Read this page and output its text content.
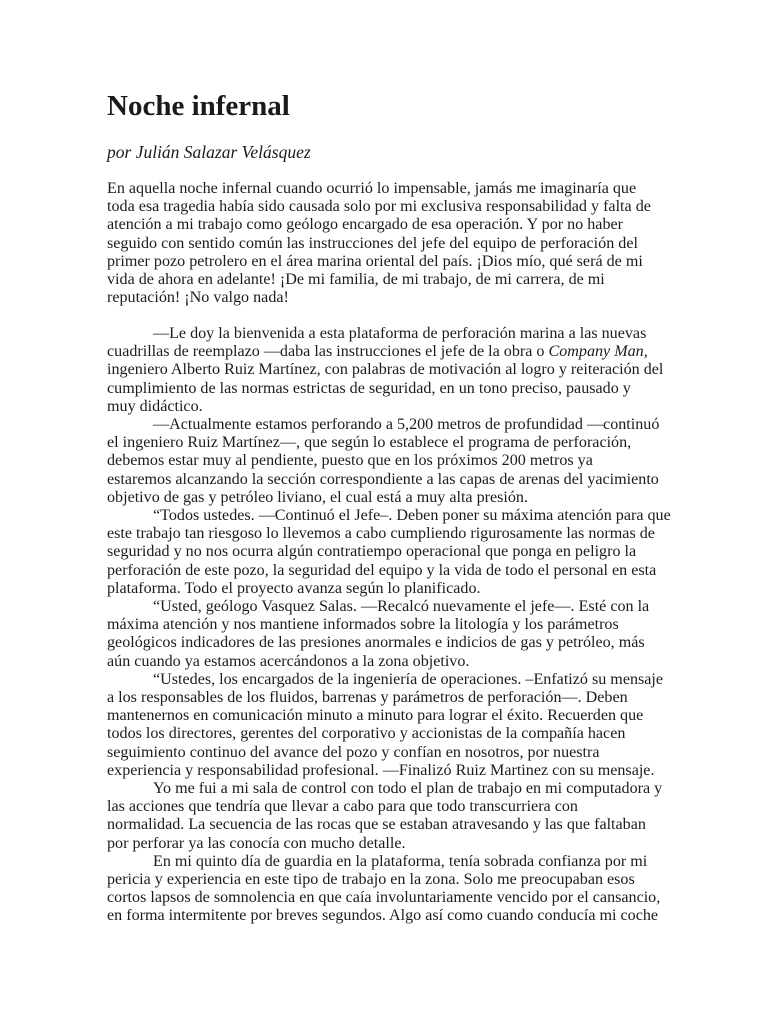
Noche infernal

por Julián Salazar Velásquez

En aquella noche infernal cuando ocurrió lo impensable, jamás me imaginaría que

toda esa tragedia había sido causada solo por mi exclusiva responsabilidad y falta de

atención a mi trabajo como geólogo encargado de esa operación. Y por no haber

seguido con sentido común las instrucciones del jefe del equipo de perforación del

primer pozo petrolero en el área marina oriental del país. ¡Dios mío, qué será de mi

vida de ahora en adelante! ¡De mi familia, de mi trabajo, de mi carrera, de mi

reputación! ¡No valgo nada!

—Le doy la bienvenida a esta plataforma de perforación marina a las nuevas

cuadrillas de reemplazo —daba las instrucciones el jefe de la obra o Company Man,

ingeniero Alberto Ruiz Martínez, con palabras de motivación al logro y reiteración del

cumplimiento de las normas estrictas de seguridad, en un tono preciso, pausado y

muy didáctico.

—Actualmente estamos perforando a 5,200 metros de profundidad —continuó

el ingeniero Ruiz Martínez—, que según lo establece el programa de perforación,

debemos estar muy al pendiente, puesto que en los próximos 200 metros ya

estaremos alcanzando la sección correspondiente a las capas de arenas del yacimiento

objetivo de gas y petróleo liviano, el cual está a muy alta presión.

“Todos ustedes. —Continuó el Jefe–. Deben poner su máxima atención para que

este trabajo tan riesgoso lo llevemos a cabo cumpliendo rigurosamente las normas de

seguridad y no nos ocurra algún contratiempo operacional que ponga en peligro la

perforación de este pozo, la seguridad del equipo y la vida de todo el personal en esta

plataforma. Todo el proyecto avanza según lo planificado.

“Usted, geólogo Vasquez Salas. —Recalcó nuevamente el jefe—. Esté con la

máxima atención y nos mantiene informados sobre la litología y los parámetros

geológicos indicadores de las presiones anormales e indicios de gas y petróleo, más

aún cuando ya estamos acercándonos a la zona objetivo.

“Ustedes, los encargados de la ingeniería de operaciones. –Enfatizó su mensaje

a los responsables de los fluidos, barrenas y parámetros de perforación—. Deben

mantenernos en comunicación minuto a minuto para lograr el éxito. Recuerden que

todos los directores, gerentes del corporativo y accionistas de la compañía hacen

seguimiento continuo del avance del pozo y confían en nosotros, por nuestra

experiencia y responsabilidad profesional. —Finalizó Ruiz Martinez con su mensaje.

Yo me fui a mi sala de control con todo el plan de trabajo en mi computadora y

las acciones que tendría que llevar a cabo para que todo transcurriera con

normalidad. La secuencia de las rocas que se estaban atravesando y las que faltaban

por perforar ya las conocía con mucho detalle.

En mi quinto día de guardia en la plataforma, tenía sobrada confianza por mi

pericia y experiencia en este tipo de trabajo en la zona. Solo me preocupaban esos

cortos lapsos de somnolencia en que caía involuntariamente vencido por el cansancio,

en forma intermitente por breves segundos. Algo así como cuando conducía mi coche
